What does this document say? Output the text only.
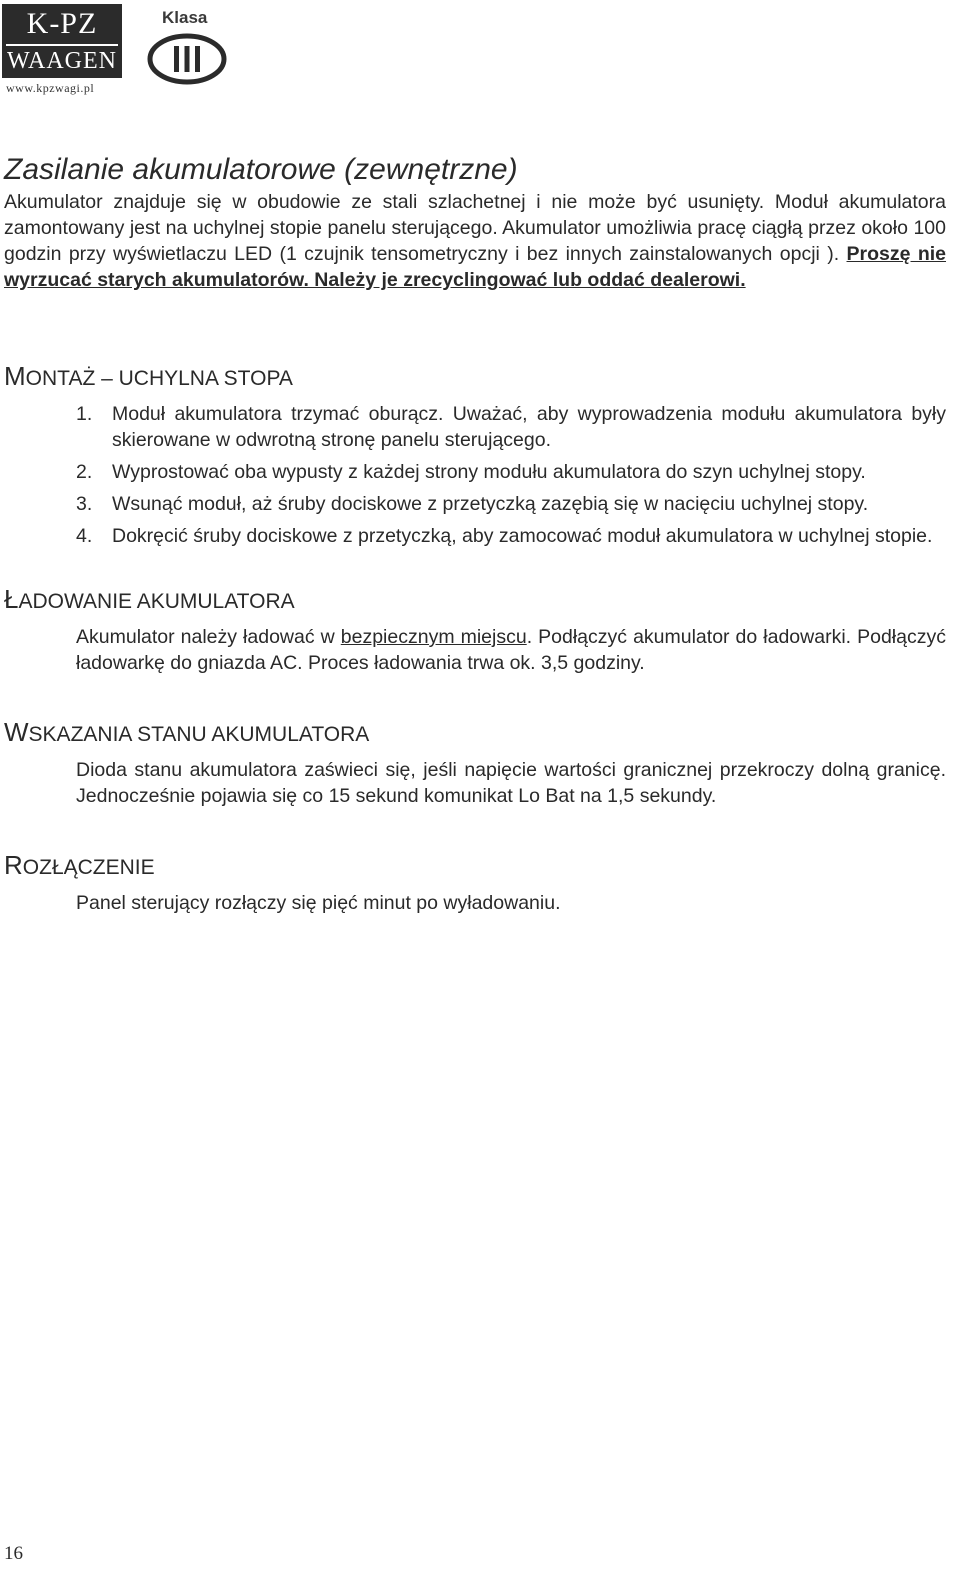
K-PZ
WAAGEN
www.kpzwagi.pl
Klasa
Zasilanie akumulatorowe (zewnętrzne)

Akumulator znajduje się w obudowie ze stali szlachetnej i nie może być usunięty. Moduł akumulatora zamontowany jest na uchylnej stopie panelu sterującego. Akumulator umożliwia pracę ciągłą przez około 100 godzin przy wyświetlaczu LED (1 czujnik tensometryczny i bez innych zainstalowanych opcji ). Proszę nie wyrzucać starych akumulatorów. Należy je zrecyclingować lub oddać dealerowi.

MONTAŻ – UCHYLNA STOPA
1. Moduł akumulatora trzymać oburącz. Uważać, aby wyprowadzenia modułu akumulatora były skierowane w odwrotną stronę panelu sterującego.
2. Wyprostować oba wypusty z każdej strony modułu akumulatora do szyn uchylnej stopy.
3. Wsunąć moduł, aż śruby dociskowe z przetyczką zazębią się w nacięciu uchylnej stopy.
4. Dokręcić śruby dociskowe z przetyczką, aby zamocować moduł akumulatora w uchylnej stopie.
ŁADOWANIE AKUMULATORA

Akumulator należy ładować w bezpiecznym miejscu. Podłączyć akumulator do ładowarki. Podłączyć ładowarkę do gniazda AC. Proces ładowania trwa ok. 3,5 godziny.

WSKAZANIA STANU AKUMULATORA

Dioda stanu akumulatora zaświeci się, jeśli napięcie wartości granicznej przekroczy dolną granicę. Jednocześnie pojawia się co 15 sekund komunikat Lo Bat na 1,5 sekundy.

ROZŁĄCZENIE

Panel sterujący rozłączy się pięć minut po wyładowaniu.

16
